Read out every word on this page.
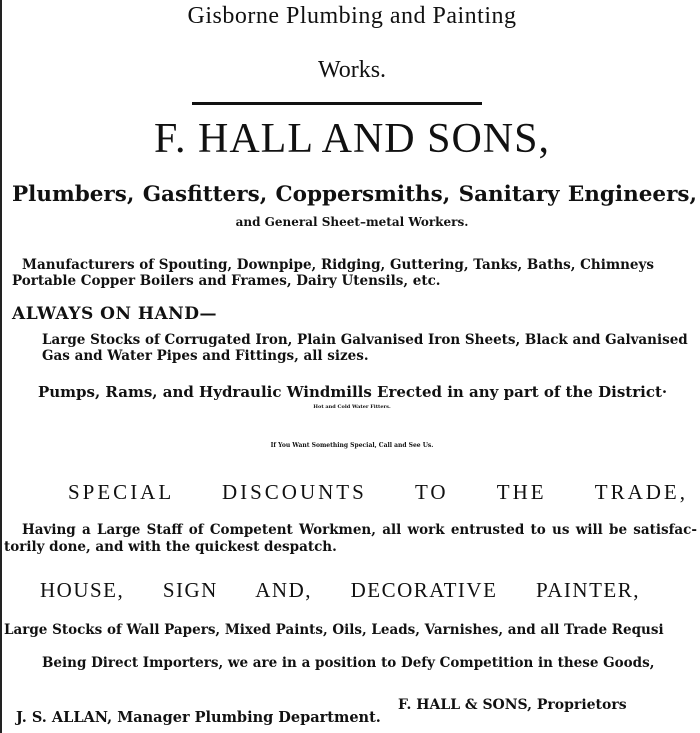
Gisborne Plumbing and Painting
Works.
F. HALL AND SONS,
Plumbers, Gasfitters, Coppersmiths, Sanitary Engineers,
and General Sheet–metal Workers.
Manufacturers of Spouting, Downpipe, Ridging, Guttering, Tanks, Baths, Chimneys
Portable Copper Boilers and Frames, Dairy Utensils, etc.
ALWAYS ON HAND—
Large Stocks of Corrugated Iron, Plain Galvanised Iron Sheets, Black and Galvanised
Gas and Water Pipes and Fittings, all sizes.
Pumps, Rams, and Hydraulic Windmills Erected in any part of the District·
Hot and Cold Water Fitters.
If You Want Something Special, Call and See Us.
SPECIAL DISCOUNTS TO THE TRADE,
Having a Large Staff of Competent Workmen, all work entrusted to us will be satisfac-
torily done, and with the quickest despatch.
HOUSE, SIGN AND, DECORATIVE PAINTER,
Large Stocks of Wall Papers, Mixed Paints, Oils, Leads, Varnishes, and all Trade Requsi
Being Direct Importers, we are in a position to Defy Competition in these Goods,
F. HALL & SONS, Proprietors
J. S. ALLAN, Manager Plumbing Department.
